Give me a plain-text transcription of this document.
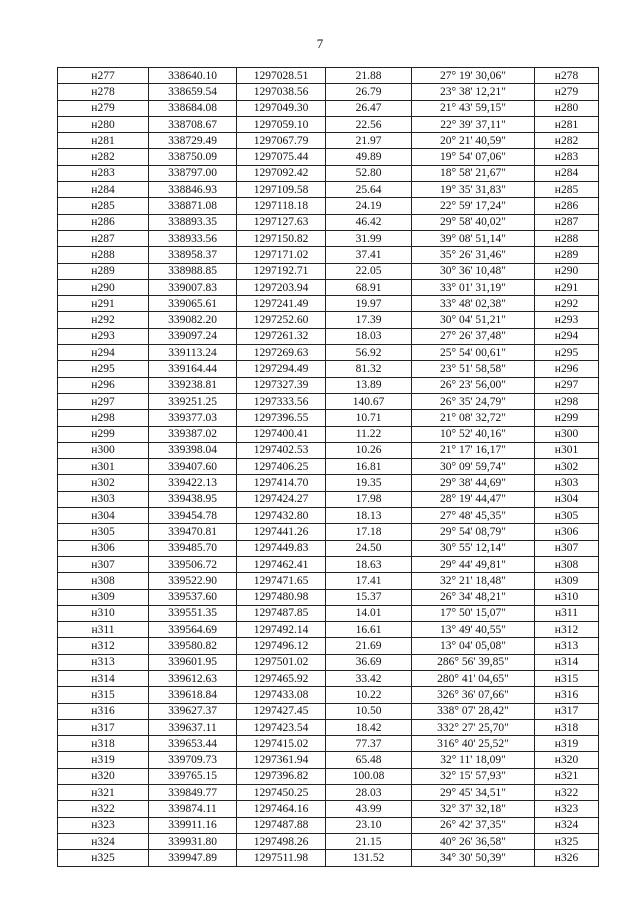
7
н277	338640.10	1297028.51	21.88	27° 19' 30,06"	н278
н278	338659.54	1297038.56	26.79	23° 38' 12,21"	н279
н279	338684.08	1297049.30	26.47	21° 43' 59,15"	н280
н280	338708.67	1297059.10	22.56	22° 39' 37,11"	н281
н281	338729.49	1297067.79	21.97	20° 21' 40,59"	н282
н282	338750.09	1297075.44	49.89	19° 54' 07,06"	н283
н283	338797.00	1297092.42	52.80	18° 58' 21,67"	н284
н284	338846.93	1297109.58	25.64	19° 35' 31,83"	н285
н285	338871.08	1297118.18	24.19	22° 59' 17,24"	н286
н286	338893.35	1297127.63	46.42	29° 58' 40,02"	н287
н287	338933.56	1297150.82	31.99	39° 08' 51,14"	н288
н288	338958.37	1297171.02	37.41	35° 26' 31,46"	н289
н289	338988.85	1297192.71	22.05	30° 36' 10,48"	н290
н290	339007.83	1297203.94	68.91	33° 01' 31,19"	н291
н291	339065.61	1297241.49	19.97	33° 48' 02,38"	н292
н292	339082.20	1297252.60	17.39	30° 04' 51,21"	н293
н293	339097.24	1297261.32	18.03	27° 26' 37,48"	н294
н294	339113.24	1297269.63	56.92	25° 54' 00,61"	н295
н295	339164.44	1297294.49	81.32	23° 51' 58,58"	н296
н296	339238.81	1297327.39	13.89	26° 23' 56,00"	н297
н297	339251.25	1297333.56	140.67	26° 35' 24,79"	н298
н298	339377.03	1297396.55	10.71	21° 08' 32,72"	н299
н299	339387.02	1297400.41	11.22	10° 52' 40,16"	н300
н300	339398.04	1297402.53	10.26	21° 17' 16,17"	н301
н301	339407.60	1297406.25	16.81	30° 09' 59,74"	н302
н302	339422.13	1297414.70	19.35	29° 38' 44,69"	н303
н303	339438.95	1297424.27	17.98	28° 19' 44,47"	н304
н304	339454.78	1297432.80	18.13	27° 48' 45,35"	н305
н305	339470.81	1297441.26	17.18	29° 54' 08,79"	н306
н306	339485.70	1297449.83	24.50	30° 55' 12,14"	н307
н307	339506.72	1297462.41	18.63	29° 44' 49,81"	н308
н308	339522.90	1297471.65	17.41	32° 21' 18,48"	н309
н309	339537.60	1297480.98	15.37	26° 34' 48,21"	н310
н310	339551.35	1297487.85	14.01	17° 50' 15,07"	н311
н311	339564.69	1297492.14	16.61	13° 49' 40,55"	н312
н312	339580.82	1297496.12	21.69	13° 04' 05,08"	н313
н313	339601.95	1297501.02	36.69	286° 56' 39,85"	н314
н314	339612.63	1297465.92	33.42	280° 41' 04,65"	н315
н315	339618.84	1297433.08	10.22	326° 36' 07,66"	н316
н316	339627.37	1297427.45	10.50	338° 07' 28,42"	н317
н317	339637.11	1297423.54	18.42	332° 27' 25,70"	н318
н318	339653.44	1297415.02	77.37	316° 40' 25,52"	н319
н319	339709.73	1297361.94	65.48	32° 11' 18,09"	н320
н320	339765.15	1297396.82	100.08	32° 15' 57,93"	н321
н321	339849.77	1297450.25	28.03	29° 45' 34,51"	н322
н322	339874.11	1297464.16	43.99	32° 37' 32,18"	н323
н323	339911.16	1297487.88	23.10	26° 42' 37,35"	н324
н324	339931.80	1297498.26	21.15	40° 26' 36,58"	н325
н325	339947.89	1297511.98	131.52	34° 30' 50,39"	н326
